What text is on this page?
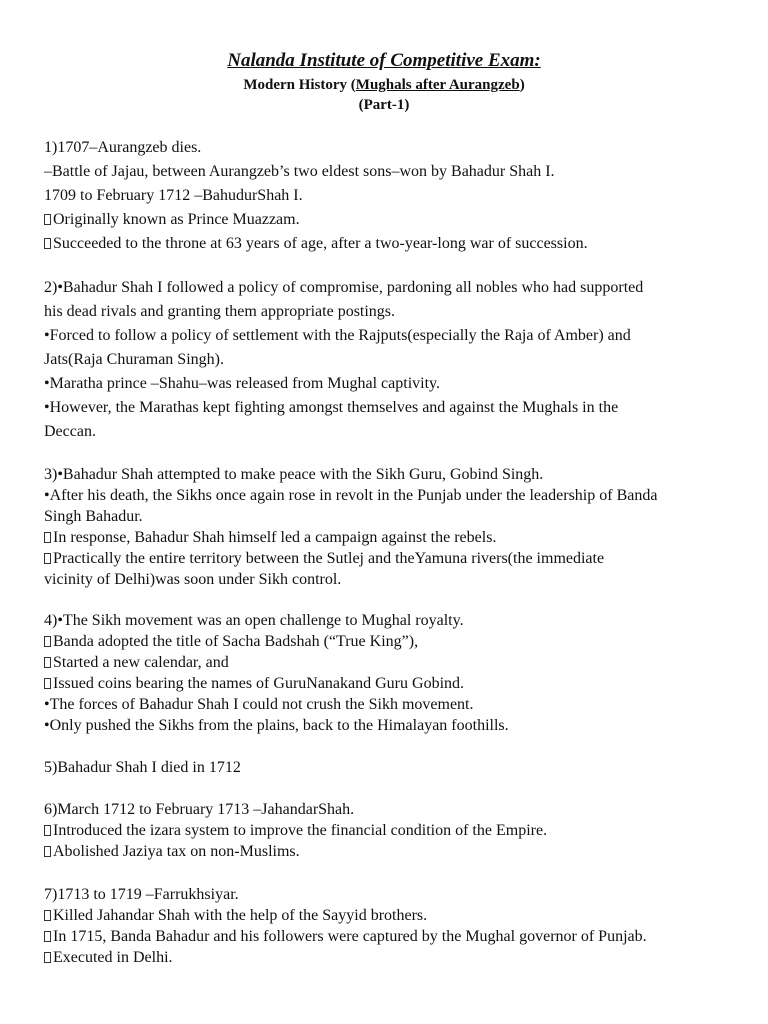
Nalanda Institute of Competitive Exam:
Modern History (Mughals after Aurangzeb)
(Part-1)
1)1707–Aurangzeb dies.
–Battle of Jajau, between Aurangzeb’s two eldest sons–won by Bahadur Shah I.
1709 to February 1712 –BahudurShah I.
Originally known as Prince Muazzam.
Succeeded to the throne at 63 years of age, after a two-year-long war of succession.
2)•Bahadur Shah I followed a policy of compromise, pardoning all nobles who had supported
his dead rivals and granting them appropriate postings.
•Forced to follow a policy of settlement with the Rajputs(especially the Raja of Amber) and
Jats(Raja Churaman Singh).
•Maratha prince –Shahu–was released from Mughal captivity.
•However, the Marathas kept fighting amongst themselves and against the Mughals in the
Deccan.
3)•Bahadur Shah attempted to make peace with the Sikh Guru, Gobind Singh.
•After his death, the Sikhs once again rose in revolt in the Punjab under the leadership of Banda
Singh Bahadur.
In response, Bahadur Shah himself led a campaign against the rebels.
Practically the entire territory between the Sutlej and theYamuna rivers(the immediate
vicinity of Delhi)was soon under Sikh control.
4)•The Sikh movement was an open challenge to Mughal royalty.
Banda adopted the title of Sacha Badshah (“True King”),
Started a new calendar, and
Issued coins bearing the names of GuruNanakand Guru Gobind.
•The forces of Bahadur Shah I could not crush the Sikh movement.
•Only pushed the Sikhs from the plains, back to the Himalayan foothills.
5)Bahadur Shah I died in 1712
6)March 1712 to February 1713 –JahandarShah.
Introduced the izara system to improve the financial condition of the Empire.
Abolished Jaziya tax on non-Muslims.
7)1713 to 1719 –Farrukhsiyar.
Killed Jahandar Shah with the help of the Sayyid brothers.
In 1715, Banda Bahadur and his followers were captured by the Mughal governor of Punjab.
Executed in Delhi.
